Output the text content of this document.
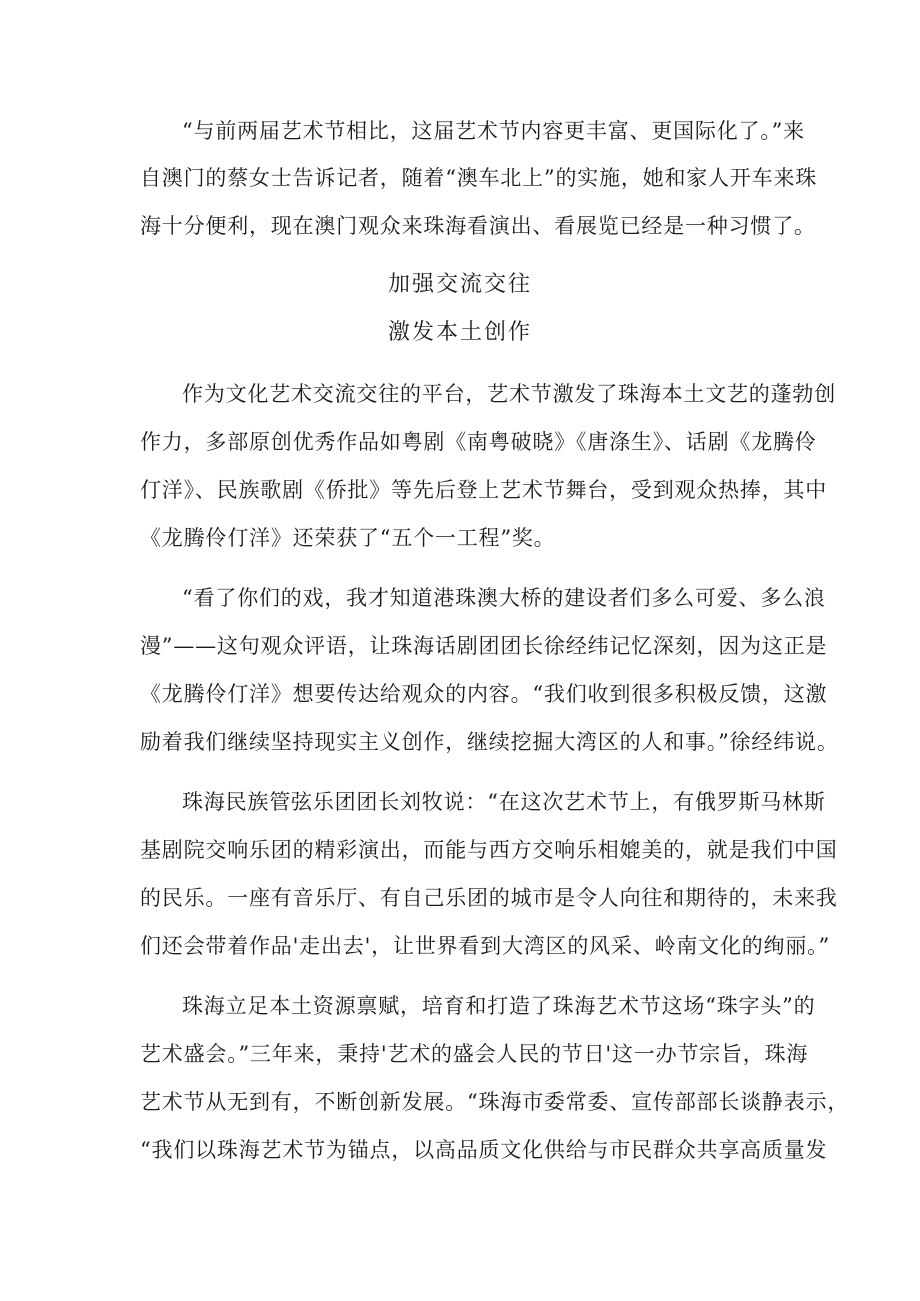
“与前两届艺术节相比，这届艺术节内容更丰富、更国际化了。”来
自澳门的蔡女士告诉记者，随着“澳车北上”的实施，她和家人开车来珠
海十分便利，现在澳门观众来珠海看演出、看展览已经是一种习惯了。
加强交流交往
激发本土创作
作为文化艺术交流交往的平台，艺术节激发了珠海本土文艺的蓬勃创
作力，多部原创优秀作品如粤剧《南粤破晓》《唐涤生》、话剧《龙腾伶
仃洋》、民族歌剧《侨批》等先后登上艺术节舞台，受到观众热捧，其中
《龙腾伶仃洋》还荣获了“五个一工程”奖。
“看了你们的戏，我才知道港珠澳大桥的建设者们多么可爱、多么浪
漫”——这句观众评语，让珠海话剧团团长徐经纬记忆深刻，因为这正是
《龙腾伶仃洋》想要传达给观众的内容。“我们收到很多积极反馈，这激
励着我们继续坚持现实主义创作，继续挖掘大湾区的人和事。”徐经纬说。
珠海民族管弦乐团团长刘牧说：“在这次艺术节上，有俄罗斯马林斯
基剧院交响乐团的精彩演出，而能与西方交响乐相媲美的，就是我们中国
的民乐。一座有音乐厅、有自己乐团的城市是令人向往和期待的，未来我
们还会带着作品'走出去'，让世界看到大湾区的风采、岭南文化的绚丽。”
珠海立足本土资源禀赋，培育和打造了珠海艺术节这场“珠字头”的
艺术盛会。”三年来，秉持'艺术的盛会人民的节日'这一办节宗旨，珠海
艺术节从无到有，不断创新发展。“珠海市委常委、宣传部部长谈静表示，
“我们以珠海艺术节为锚点，以高品质文化供给与市民群众共享高质量发
